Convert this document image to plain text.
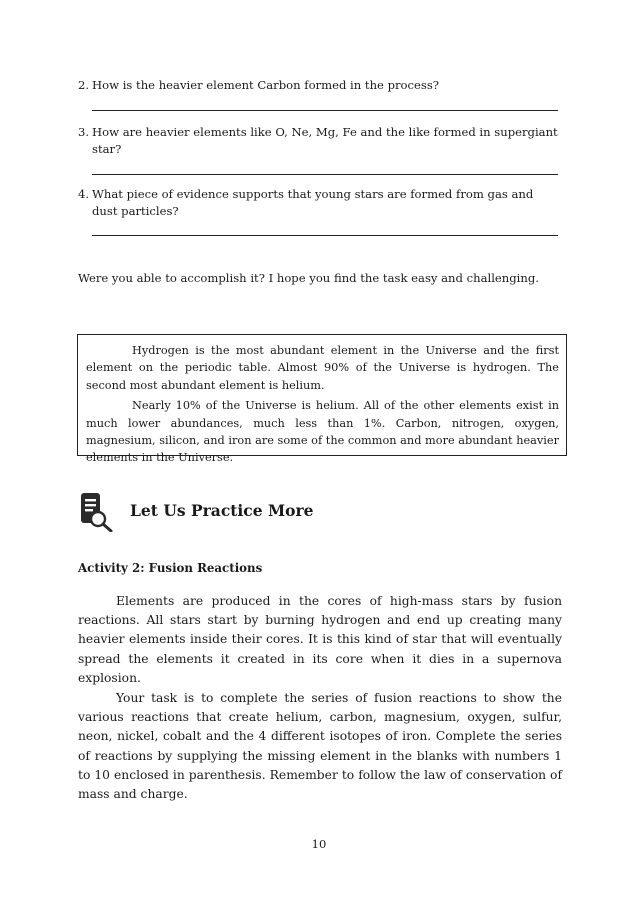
2. How is the heavier element Carbon formed in the process?
3. How are heavier elements like O, Ne, Mg, Fe and the like formed in supergiant star?
4. What piece of evidence supports that young stars are formed from gas and dust particles?
Were you able to accomplish it? I hope you find the task easy and challenging.

Hydrogen is the most abundant element in the Universe and the first element on the periodic table. Almost 90% of the Universe is hydrogen. The second most abundant element is helium.

Nearly 10% of the Universe is helium. All of the other elements exist in much lower abundances, much less than 1%. Carbon, nitrogen, oxygen, magnesium, silicon, and iron are some of the common and more abundant heavier elements in the Universe.

Let Us Practice More
Activity 2: Fusion Reactions
Elements are produced in the cores of high-mass stars by fusion reactions. All stars start by burning hydrogen and end up creating many heavier elements inside their cores. It is this kind of star that will eventually spread the elements it created in its core when it dies in a supernova explosion.
Your task is to complete the series of fusion reactions to show the various reactions that create helium, carbon, magnesium, oxygen, sulfur, neon, nickel, cobalt and the 4 different isotopes of iron. Complete the series of reactions by supplying the missing element in the blanks with numbers 1 to 10 enclosed in parenthesis. Remember to follow the law of conservation of mass and charge.
10
